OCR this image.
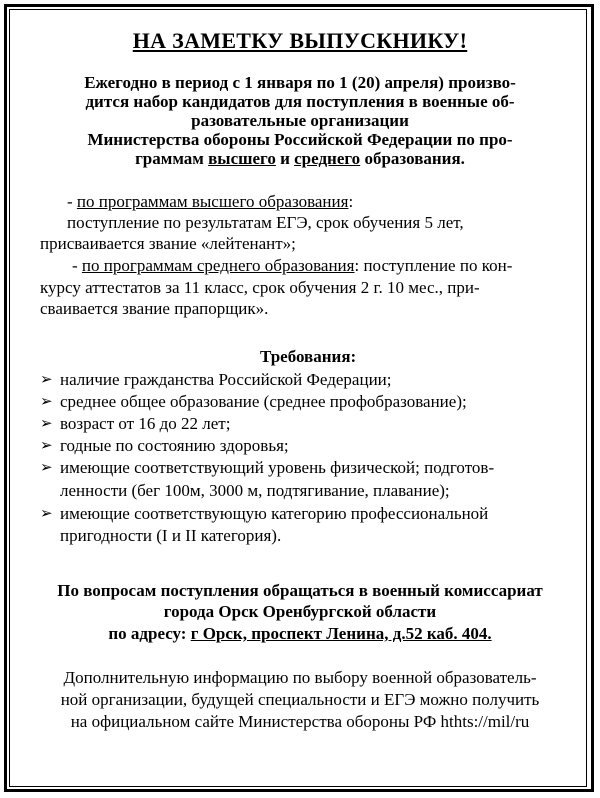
НА ЗАМЕТКУ ВЫПУСКНИКУ!
Ежегодно в период с 1 января по 1 (20) апреля) произво-
дится набор кандидатов для поступления в военные об-
разовательные организации
Министерства обороны Российской Федерации по про-
граммам высшего и среднего образования.
- по программам высшего образования:
поступление по результатам ЕГЭ, срок обучения 5 лет,
присваивается звание «лейтенант»;
- по программам среднего образования: поступление по кон-
курсу аттестатов за 11 класс, срок обучения 2 г. 10 мес., при-
сваивается звание прапорщик».
Требования:
➢ наличие гражданства Российской Федерации;
➢ среднее общее образование (среднее профобразование);
➢ возраст от 16 до 22 лет;
➢ годные по состоянию здоровья;
➢ имеющие соответствующий уровень физической; подготов-
ленности (бег 100м, 3000 м, подтягивание, плавание);
➢ имеющие соответствующую категорию профессиональной
пригодности (I и II категория).
По вопросам поступления обращаться в военный комиссариат
города Орск Оренбургской области
по адресу: г Орск, проспект Ленина, д.52 каб. 404.
Дополнительную информацию по выбору военной образователь-
ной организации, будущей специальности и ЕГЭ можно получить
на официальном сайте Министерства обороны РФ hthts://mil/ru
